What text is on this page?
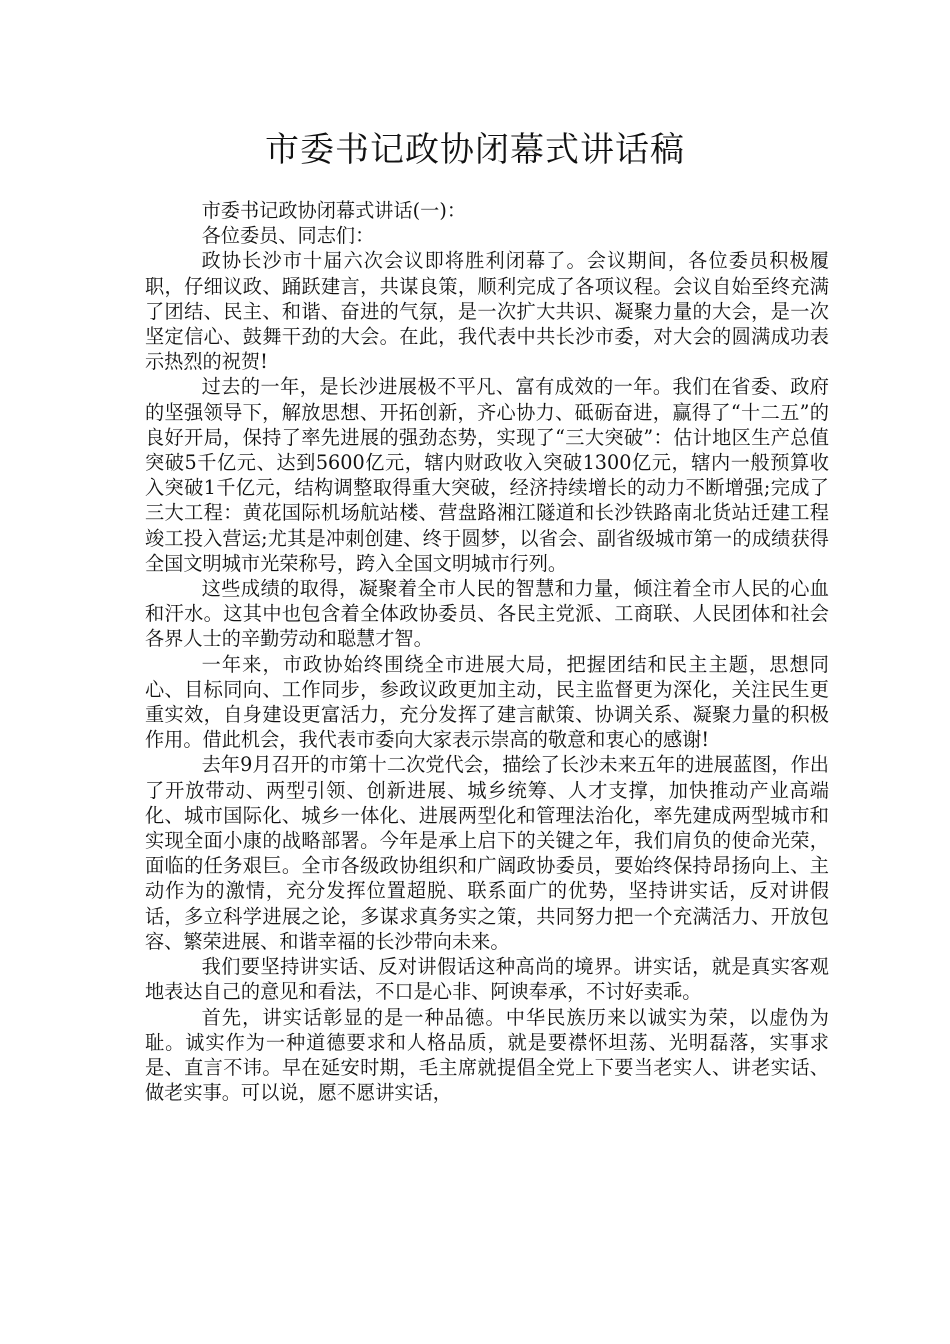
市委书记政协闭幕式讲话稿

市委书记政协闭幕式讲话(一)：

各位委员、同志们：

政协长沙市十届六次会议即将胜利闭幕了。会议期间，各位委员积极履职，仔细议政、踊跃建言，共谋良策，顺利完成了各项议程。会议自始至终充满了团结、民主、和谐、奋进的气氛，是一次扩大共识、凝聚力量的大会，是一次坚定信心、鼓舞干劲的大会。在此，我代表中共长沙市委，对大会的圆满成功表示热烈的祝贺!

过去的一年，是长沙进展极不平凡、富有成效的一年。我们在省委、政府的坚强领导下，解放思想、开拓创新，齐心协力、砥砺奋进，赢得了“十二五”的良好开局，保持了率先进展的强劲态势，实现了“三大突破”：估计地区生产总值突破5千亿元、达到5600亿元，辖内财政收入突破1300亿元，辖内一般预算收入突破1千亿元，结构调整取得重大突破，经济持续增长的动力不断增强;完成了三大工程：黄花国际机场航站楼、营盘路湘江隧道和长沙铁路南北货站迁建工程竣工投入营运;尤其是冲刺创建、终于圆梦，以省会、副省级城市第一的成绩获得全国文明城市光荣称号，跨入全国文明城市行列。

这些成绩的取得，凝聚着全市人民的智慧和力量，倾注着全市人民的心血和汗水。这其中也包含着全体政协委员、各民主党派、工商联、人民团体和社会各界人士的辛勤劳动和聪慧才智。

一年来，市政协始终围绕全市进展大局，把握团结和民主主题，思想同心、目标同向、工作同步，参政议政更加主动，民主监督更为深化，关注民生更重实效，自身建设更富活力，充分发挥了建言献策、协调关系、凝聚力量的积极作用。借此机会，我代表市委向大家表示崇高的敬意和衷心的感谢!

去年9月召开的市第十二次党代会，描绘了长沙未来五年的进展蓝图，作出了开放带动、两型引领、创新进展、城乡统筹、人才支撑，加快推动产业高端化、城市国际化、城乡一体化、进展两型化和管理法治化，率先建成两型城市和实现全面小康的战略部署。今年是承上启下的关键之年，我们肩负的使命光荣，面临的任务艰巨。全市各级政协组织和广阔政协委员，要始终保持昂扬向上、主动作为的激情，充分发挥位置超脱、联系面广的优势，坚持讲实话，反对讲假话，多立科学进展之论，多谋求真务实之策，共同努力把一个充满活力、开放包容、繁荣进展、和谐幸福的长沙带向未来。

我们要坚持讲实话、反对讲假话这种高尚的境界。讲实话，就是真实客观地表达自己的意见和看法，不口是心非、阿谀奉承，不讨好卖乖。

首先，讲实话彰显的是一种品德。中华民族历来以诚实为荣，以虚伪为耻。诚实作为一种道德要求和人格品质，就是要襟怀坦荡、光明磊落，实事求是、直言不讳。早在延安时期，毛主席就提倡全党上下要当老实人、讲老实话、做老实事。可以说，愿不愿讲实话，
